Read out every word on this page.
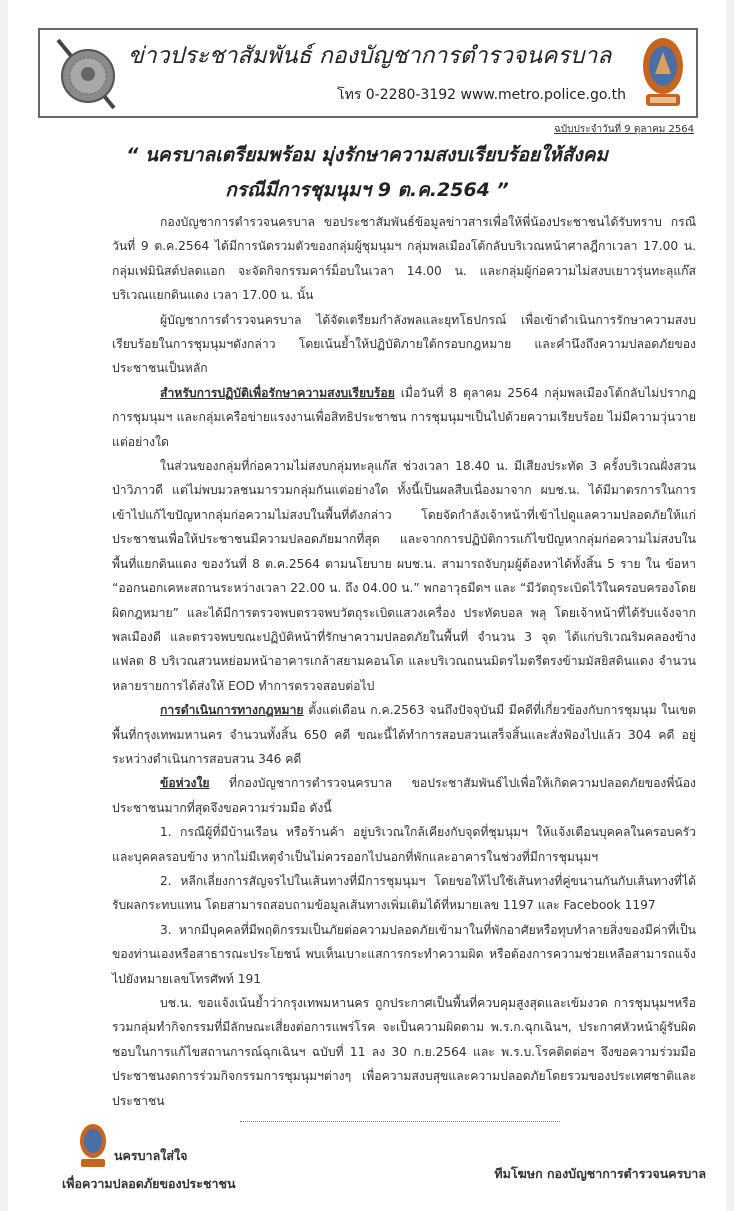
ข่าวประชาสัมพันธ์ กองบัญชาการตำรวจนครบาล
โทร 0-2280-3192 www.metro.police.go.th
ฉบับประจำวันที่ 9 ตุลาคม 2564
“ นครบาลเตรียมพร้อม มุ่งรักษาความสงบเรียบร้อยให้สังคม
กรณีมีการชุมนุมฯ 9 ต.ค.2564 ”

กองบัญชาการตำรวจนครบาล ขอประชาสัมพันธ์ข้อมูลข่าวสารเพื่อให้พี่น้องประชาชนได้รับทราบ กรณีวันที่ 9 ต.ค.2564 ได้มีการนัดรวมตัวของกลุ่มผู้ชุมนุมฯ กลุ่มพลเมืองโต้กลับบริเวณหน้าศาลฎีกาเวลา 17.00 น. กลุ่มเฟมินิสต์ปลดแอก จะจัดกิจกรรมคาร์ม็อบในเวลา 14.00 น. และกลุ่มผู้ก่อความไม่สงบเยาวรุ่นทะลุแก๊ส บริเวณแยกดินแดง เวลา 17.00 น. นั้น

ผู้บัญชาการตำรวจนครบาล ได้จัดเตรียมกำลังพลและยุทโธปกรณ์ เพื่อเข้าดำเนินการรักษาความสงบเรียบร้อยในการชุมนุมฯดังกล่าว โดยเน้นย้ำให้ปฏิบัติภายใต้กรอบกฎหมาย และคำนึงถึงความปลอดภัยของประชาชนเป็นหลัก

สำหรับการปฏิบัติเพื่อรักษาความสงบเรียบร้อย เมื่อวันที่ 8 ตุลาคม 2564 กลุ่มพลเมืองโต้กลับไม่ปรากฏการชุมนุมฯ และกลุ่มเครือข่ายแรงงานเพื่อสิทธิประชาชน การชุมนุมฯเป็นไปด้วยความเรียบร้อย ไม่มีความวุ่นวายแต่อย่างใด

ในส่วนของกลุ่มที่ก่อความไม่สงบกลุ่มทะลุแก๊ส ช่วงเวลา 18.40 น. มีเสียงประทัด 3 ครั้งบริเวณฝั่งสวนป่าวิภาวดี แต่ไม่พบมวลชนมารวมกลุ่มกันแต่อย่างใด ทั้งนี้เป็นผลสืบเนื่องมาจาก ผบช.น. ได้มีมาตรการในการเข้าไปแก้ไขปัญหากลุ่มก่อความไม่สงบในพื้นที่ดังกล่าว โดยจัดกำลังเจ้าหน้าที่เข้าไปดูแลความปลอดภัยให้แก่ประชาชนเพื่อให้ประชาชนมีความปลอดภัยมากที่สุด และจากการปฏิบัติการแก้ไขปัญหากลุ่มก่อความไม่สงบในพื้นที่แยกดินแดง ของวันที่ 8 ต.ค.2564 ตามนโยบาย ผบช.น. สามารถจับกุมผู้ต้องหาได้ทั้งสิ้น 5 ราย ใน ข้อหา “ออกนอกเคหะสถานระหว่างเวลา 22.00 น. ถึง 04.00 น.” พกอาวุธมีดฯ และ “มีวัตถุระเบิดไว้ในครอบครองโดยผิดกฎหมาย” และได้มีการตรวจพบตรวจพบวัตถุระเบิดแสวงเครื่อง ประทัดบอล พลุ โดยเจ้าหน้าที่ได้รับแจ้งจากพลเมืองดี และตรวจพบขณะปฏิบัติหน้าที่รักษาความปลอดภัยในพื้นที่ จำนวน 3 จุด ได้แก่บริเวณริมคลองข้างแฟลต 8 บริเวณสวนหย่อมหน้าอาคารเกล้าสยามคอนโด และบริเวณถนนมิตรไมตรีตรงข้ามมัสยิสดินแดง จำนวนหลายรายการได้ส่งให้ EOD ทำการตรวจสอบต่อไป

การดำเนินการทางกฎหมาย ตั้งแต่เดือน ก.ค.2563 จนถึงปัจจุบันมี มีคดีที่เกี่ยวข้องกับการชุมนุม ในเขตพื้นที่กรุงเทพมหานคร จำนวนทั้งสิ้น 650 คดี ขณะนี้ได้ทำการสอบสวนเสร็จสิ้นและสั่งฟ้องไปแล้ว 304 คดี อยู่ระหว่างดำเนินการสอบสวน 346 คดี

ข้อห่วงใย ที่กองบัญชาการตำรวจนครบาล ขอประชาสัมพันธ์ไปเพื่อให้เกิดความปลอดภัยของพี่น้องประชาชนมากที่สุดจึงขอความร่วมมือ ดังนี้

1. กรณีผู้ที่มีบ้านเรือน หรือร้านค้า อยู่บริเวณใกล้เคียงกับจุดที่ชุมนุมฯ ให้แจ้งเตือนบุคคลในครอบครัว และบุคคลรอบข้าง หากไม่มีเหตุจำเป็นไม่ควรออกไปนอกที่พักและอาคารในช่วงที่มีการชุมนุมฯ

2. หลีกเลี่ยงการสัญจรไปในเส้นทางที่มีการชุมนุมฯ โดยขอให้ไปใช้เส้นทางที่คู่ขนานกันกับเส้นทางที่ได้รับผลกระทบแทน โดยสามารถสอบถามข้อมูลเส้นทางเพิ่มเติมได้ที่หมายเลข 1197 และ Facebook 1197

3. หากมีบุคคลที่มีพฤติกรรมเป็นภัยต่อความปลอดภัยเข้ามาในที่พักอาศัยหรือทุบทำลายสิ่งของมีค่าที่เป็นของท่านเองหรือสาธารณะประโยชน์ พบเห็นเบาะแสการกระทำความผิด หรือต้องการความช่วยเหลือสามารถแจ้งไปยังหมายเลขโทรศัพท์ 191

บช.น. ขอแจ้งเน้นย้ำว่ากรุงเทพมหานคร ถูกประกาศเป็นพื้นที่ควบคุมสูงสุดและเข้มงวด การชุมนุมฯหรือรวมกลุ่มทำกิจกรรมที่มีลักษณะเสี่ยงต่อการแพร่โรค จะเป็นความผิดตาม พ.ร.ก.ฉุกเฉินฯ, ประกาศหัวหน้าผู้รับผิดชอบในการแก้ไขสถานการณ์ฉุกเฉินฯ ฉบับที่ 11 ลง 30 ก.ย.2564 และ พ.ร.บ.โรคติดต่อฯ จึงขอความร่วมมือประชาชนงดการร่วมกิจกรรมการชุมนุมฯต่างๆ เพื่อความสงบสุขและความปลอดภัยโดยรวมของประเทศชาติและประชาชน

นครบาลใส่ใจ
เพื่อความปลอดภัยของประชาชน
ทีมโฆษก กองบัญชาการตำรวจนครบาล
